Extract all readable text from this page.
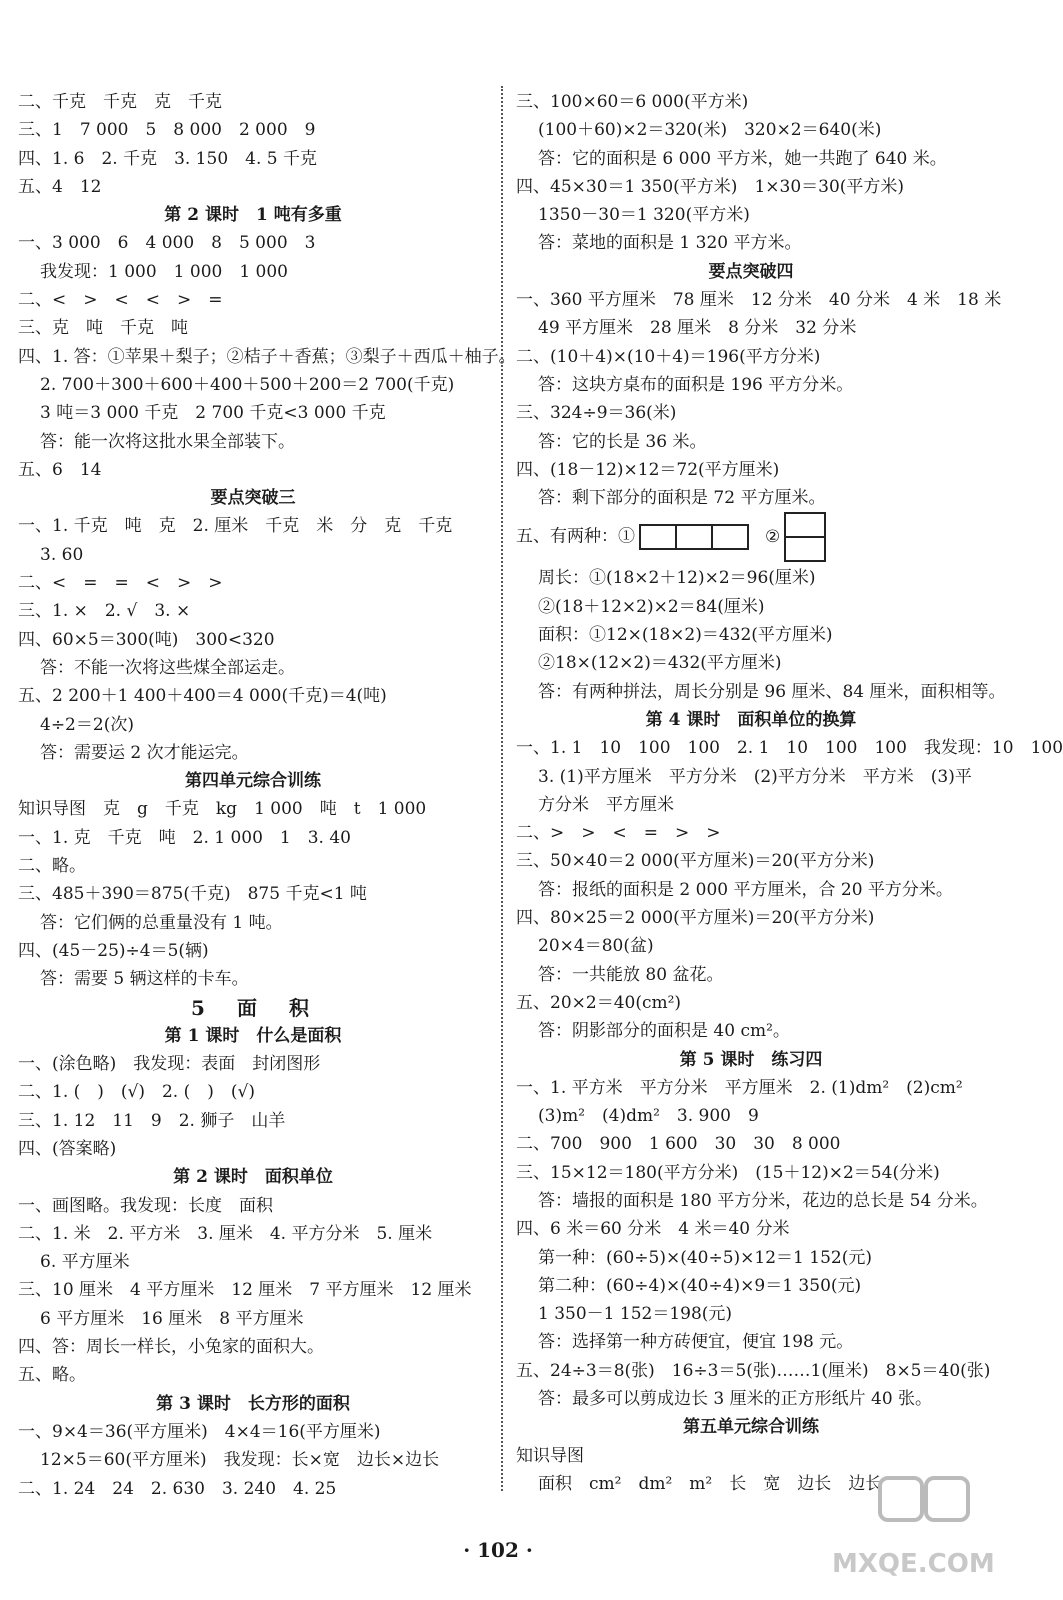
二、千克　千克　克　千克
三、1　7 000　5　8 000　2 000　9
四、1. 6　2. 千克　3. 150　4. 5 千克
五、4　12
第 2 课时　1 吨有多重
一、3 000　6　4 000　8　5 000　3
我发现：1 000　1 000　1 000
二、<　>　<　<　>　=
三、克　吨　千克　吨
四、1. 答：①苹果＋梨子；②桔子＋香蕉；③梨子＋西瓜＋柚子。
2. 700＋300＋600＋400＋500＋200＝2 700(千克)
3 吨＝3 000 千克　2 700 千克<3 000 千克
答：能一次将这批水果全部装下。
五、6　14
要点突破三
一、1. 千克　吨　克　2. 厘米　千克　米　分　克　千克
3. 60
二、<　=　=　<　>　>
三、1. ×　2. √　3. ×
四、60×5＝300(吨)　300<320
答：不能一次将这些煤全部运走。
五、2 200＋1 400＋400＝4 000(千克)＝4(吨)
4÷2＝2(次)
答：需要运 2 次才能运完。
第四单元综合训练
知识导图　克　g　千克　kg　1 000　吨　t　1 000
一、1. 克　千克　吨　2. 1 000　1　3. 40
二、略。
三、485＋390＝875(千克)　875 千克<1 吨
答：它们俩的总重量没有 1 吨。
四、(45－25)÷4＝5(辆)
答：需要 5 辆这样的卡车。
5　面　积
第 1 课时　什么是面积
一、(涂色略)　我发现：表面　封闭图形
二、1. (　)　(√)　2. (　)　(√)
三、1. 12　11　9　2. 狮子　山羊
四、(答案略)
第 2 课时　面积单位
一、画图略。我发现：长度　面积
二、1. 米　2. 平方米　3. 厘米　4. 平方分米　5. 厘米
6. 平方厘米
三、10 厘米　4 平方厘米　12 厘米　7 平方厘米　12 厘米
6 平方厘米　16 厘米　8 平方厘米
四、答：周长一样长，小兔家的面积大。
五、略。
第 3 课时　长方形的面积
一、9×4＝36(平方厘米)　4×4＝16(平方厘米)
12×5＝60(平方厘米)　我发现：长×宽　边长×边长
二、1. 24　24　2. 630　3. 240　4. 25
三、100×60＝6 000(平方米)
(100＋60)×2＝320(米)　320×2＝640(米)
答：它的面积是 6 000 平方米，她一共跑了 640 米。
四、45×30＝1 350(平方米)　1×30＝30(平方米)
1350－30＝1 320(平方米)
答：菜地的面积是 1 320 平方米。
要点突破四
一、360 平方厘米　78 厘米　12 分米　40 分米　4 米　18 米
49 平方厘米　28 厘米　8 分米　32 分米
二、(10＋4)×(10＋4)＝196(平方分米)
答：这块方桌布的面积是 196 平方分米。
三、324÷9＝36(米)
答：它的长是 36 米。
四、(18－12)×12＝72(平方厘米)
答：剩下部分的面积是 72 平方厘米。
五、有两种：①	②
周长：①(18×2＋12)×2＝96(厘米)
②(18＋12×2)×2＝84(厘米)
面积：①12×(18×2)＝432(平方厘米)
②18×(12×2)＝432(平方厘米)
答：有两种拼法，周长分别是 96 厘米、84 厘米，面积相等。
第 4 课时　面积单位的换算
一、1. 1　10　100　100　2. 1　10　100　100　我发现：10　100
3. (1)平方厘米　平方分米　(2)平方分米　平方米　(3)平
方分米　平方厘米
二、>　>　<　=　>　>
三、50×40＝2 000(平方厘米)＝20(平方分米)
答：报纸的面积是 2 000 平方厘米，合 20 平方分米。
四、80×25＝2 000(平方厘米)＝20(平方分米)
20×4＝80(盆)
答：一共能放 80 盆花。
五、20×2＝40(cm²)
答：阴影部分的面积是 40 cm²。
第 5 课时　练习四
一、1. 平方米　平方分米　平方厘米　2. (1)dm²　(2)cm²
(3)m²　(4)dm²　3. 900　9
二、700　900　1 600　30　30　8 000
三、15×12＝180(平方分米)　(15＋12)×2＝54(分米)
答：墙报的面积是 180 平方分米，花边的总长是 54 分米。
四、6 米＝60 分米　4 米＝40 分米
第一种：(60÷5)×(40÷5)×12＝1 152(元)
第二种：(60÷4)×(40÷4)×9＝1 350(元)
1 350－1 152＝198(元)
答：选择第一种方砖便宜，便宜 198 元。
五、24÷3＝8(张)　16÷3＝5(张)……1(厘米)　8×5＝40(张)
答：最多可以剪成边长 3 厘米的正方形纸片 40 张。
第五单元综合训练
知识导图
面积　cm²　dm²　m²　长　宽　边长　边长
· 102 ·	MXQE.COM
